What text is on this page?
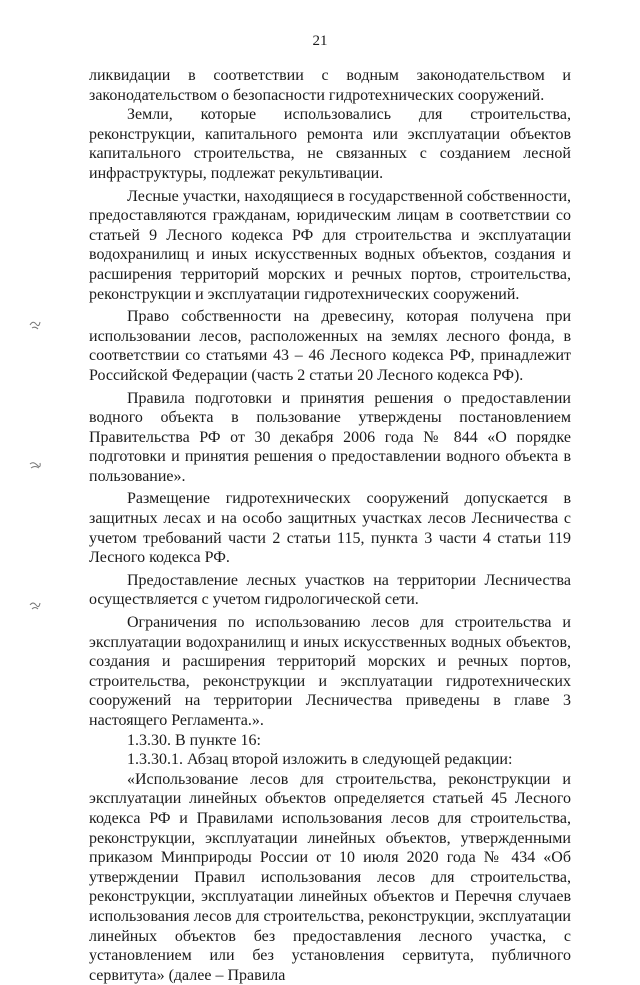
21

ликвидации в соответствии с водным законодательством и законодательством о безопасности гидротехнических сооружений.

Земли, которые использовались для строительства, реконструкции, капитального ремонта или эксплуатации объектов капитального строительства, не связанных с созданием лесной инфраструктуры, подлежат рекультивации.

Лесные участки, находящиеся в государственной собственности, предоставляются гражданам, юридическим лицам в соответствии со статьей 9 Лесного кодекса РФ для строительства и эксплуатации водохранилищ и иных искусственных водных объектов, создания и расширения территорий морских и речных портов, строительства, реконструкции и эксплуатации гидротехнических сооружений.

Право собственности на древесину, которая получена при использовании лесов, расположенных на землях лесного фонда, в соответствии со статьями 43 – 46 Лесного кодекса РФ, принадлежит Российской Федерации (часть 2 статьи 20 Лесного кодекса РФ).

Правила подготовки и принятия решения о предоставлении водного объекта в пользование утверждены постановлением Правительства РФ от 30 декабря 2006 года № 844 «О порядке подготовки и принятия решения о предоставлении водного объекта в пользование».

Размещение гидротехнических сооружений допускается в защитных лесах и на особо защитных участках лесов Лесничества с учетом требований части 2 статьи 115, пункта 3 части 4 статьи 119 Лесного кодекса РФ.

Предоставление лесных участков на территории Лесничества осуществляется с учетом гидрологической сети.

Ограничения по использованию лесов для строительства и эксплуатации водохранилищ и иных искусственных водных объектов, создания и расширения территорий морских и речных портов, строительства, реконструкции и эксплуатации гидротехнических сооружений на территории Лесничества приведены в главе 3 настоящего Регламента.».

1.3.30. В пункте 16:

1.3.30.1. Абзац второй изложить в следующей редакции:

«Использование лесов для строительства, реконструкции и эксплуатации линейных объектов определяется статьей 45 Лесного кодекса РФ и Правилами использования лесов для строительства, реконструкции, эксплуатации линейных объектов, утвержденными приказом Минприроды России от 10 июля 2020 года № 434 «Об утверждении Правил использования лесов для строительства, реконструкции, эксплуатации линейных объектов и Перечня случаев использования лесов для строительства, реконструкции, эксплуатации линейных объектов без предоставления лесного участка, с установлением или без установления сервитута, публичного сервитута» (далее – Правила
